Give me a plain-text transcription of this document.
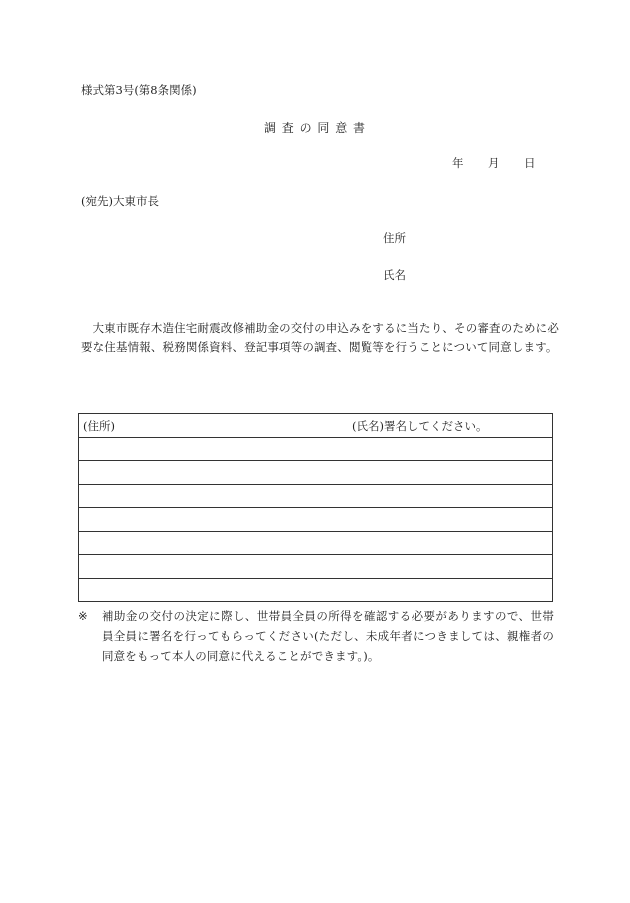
様式第3号(第8条関係)
調 査 の 同 意 書
年 月 日
(宛先)大東市長
住所
氏名
大東市既存木造住宅耐震改修補助金の交付の申込みをするに当たり、その審査のために必要な住基情報、税務関係資料、登記事項等の調査、閲覧等を行うことについて同意します。
(住所)	(氏名)署名してください。

※ 補助金の交付の決定に際し、世帯員全員の所得を確認する必要がありますので、世帯員全員に署名を行ってもらってください(ただし、未成年者につきましては、親権者の同意をもって本人の同意に代えることができます。)。
